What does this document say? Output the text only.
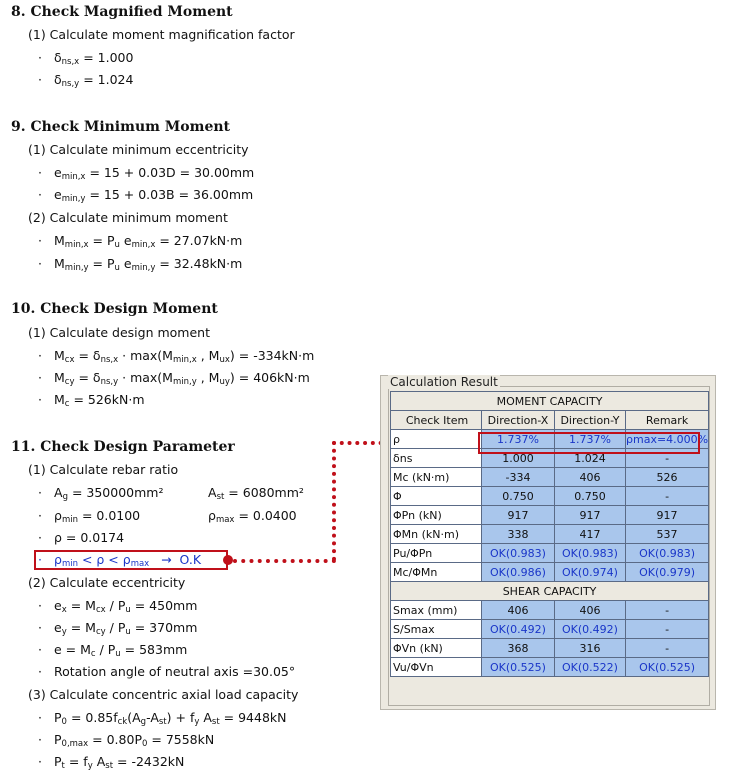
8. Check Magnified Moment
(1) Calculate moment magnification factor
· $\delta_{ns,x} = 1.000$
· $\delta_{ns,y} = 1.024$
9. Check Minimum Moment
(1) Calculate minimum eccentricity
· $e_{min,x} = 15 + 0.03D = 30.00mm$
· $e_{min,y} = 15 + 0.03B = 36.00mm$
(2) Calculate minimum moment
· $M_{min,x} = P_u$ $e_{min,x} = 27.07kN\cdot m$
· $M_{min,y} = P_u$ $e_{min,y} = 32.48kN\cdot m$
10. Check Design Moment
(1) Calculate design moment
· $M_{cx} = \delta_{ns,x} \cdot \max(M_{min,x}$ , $M_{ux}) = -334kN\cdot m$
· $M_{cy} = \delta_{ns,y} \cdot \max(M_{min,y}$ , $M_{uy}) = 406kN\cdot m$
· $M_c = 526kN\cdot m$
11. Check Design Parameter
(1) Calculate rebar ratio
· $A_g = 350000mm^2$	$A_{st} = 6080mm^2$
· $\rho_{min} = 0.0100$	$\rho_{max} = 0.0400$
· ρ = 0.0174
· $\rho_{min} < \rho < \rho_{max} \to O.K$
(2) Calculate eccentricity
· $e_x = M_{cx} / P_u = 450mm$
· $e_y = M_{cy} / P_u = 370mm$
· $e = M_c / P_u = 583mm$
· Rotation angle of neutral axis =30.05°
(3) Calculate concentric axial load capacity
· $P_0 = 0.85f_{ck}(A_g-A_{st}) + f_y$ $A_{st} = 9448kN$
· $P_{0,max} = 0.80P_0 = 7558kN$
· $P_t = f_y$ $A_{st} = -2432kN$
Calculation Result
MOMENT CAPACITY			
Check Item	Direction-X	Direction-Y	Remark
ρ	1.737%	1.737%	ρmax=4.000%
δns	1.000	1.024	-
Mc (kN·m)	-334	406	526
Φ	0.750	0.750	-
ΦPn (kN)	917	917	917
ΦMn (kN·m)	338	417	537
Pu/ΦPn	OK(0.983)	OK(0.983)	OK(0.983)
Mc/ΦMn	OK(0.986)	OK(0.974)	OK(0.979)
SHEAR CAPACITY			
Smax (mm)	406	406	-
S/Smax	OK(0.492)	OK(0.492)	-
ΦVn (kN)	368	316	-
Vu/ΦVn	OK(0.525)	OK(0.522)	OK(0.525)
